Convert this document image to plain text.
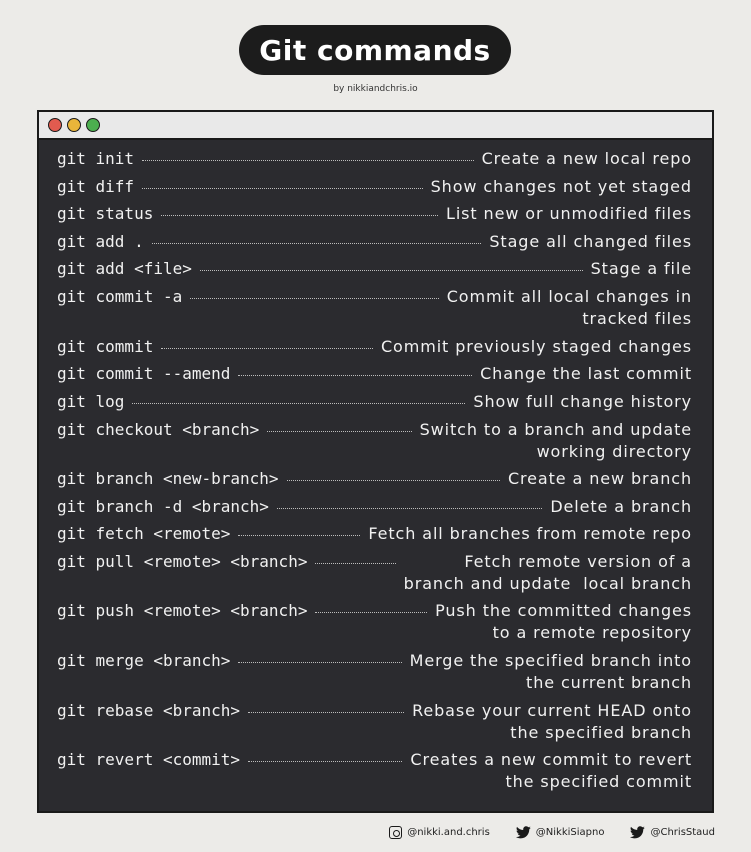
Git commands
by nikkiandchris.io
git init	Create a new local repo
git diff	Show changes not yet staged
git status	List new or unmodified files
git add .	Stage all changed files
git add <file>	Stage a file
git commit -a	Commit all local changes in
tracked files
git commit	Commit previously staged changes
git commit --amend	Change the last commit
git log	Show full change history
git checkout <branch>	Switch to a branch and update
working directory
git branch <new-branch>	Create a new branch
git branch -d <branch>	Delete a branch
git fetch <remote>	Fetch all branches from remote repo
git pull <remote> <branch>	Fetch remote version of a
branch and update  local branch
git push <remote> <branch>	Push the committed changes
to a remote repository
git merge <branch>	Merge the specified branch into
the current branch
git rebase <branch>	Rebase your current HEAD onto
the specified branch
git revert <commit>	Creates a new commit to revert
the specified commit
@nikki.and.chris	@NikkiSiapno	@ChrisStaud
